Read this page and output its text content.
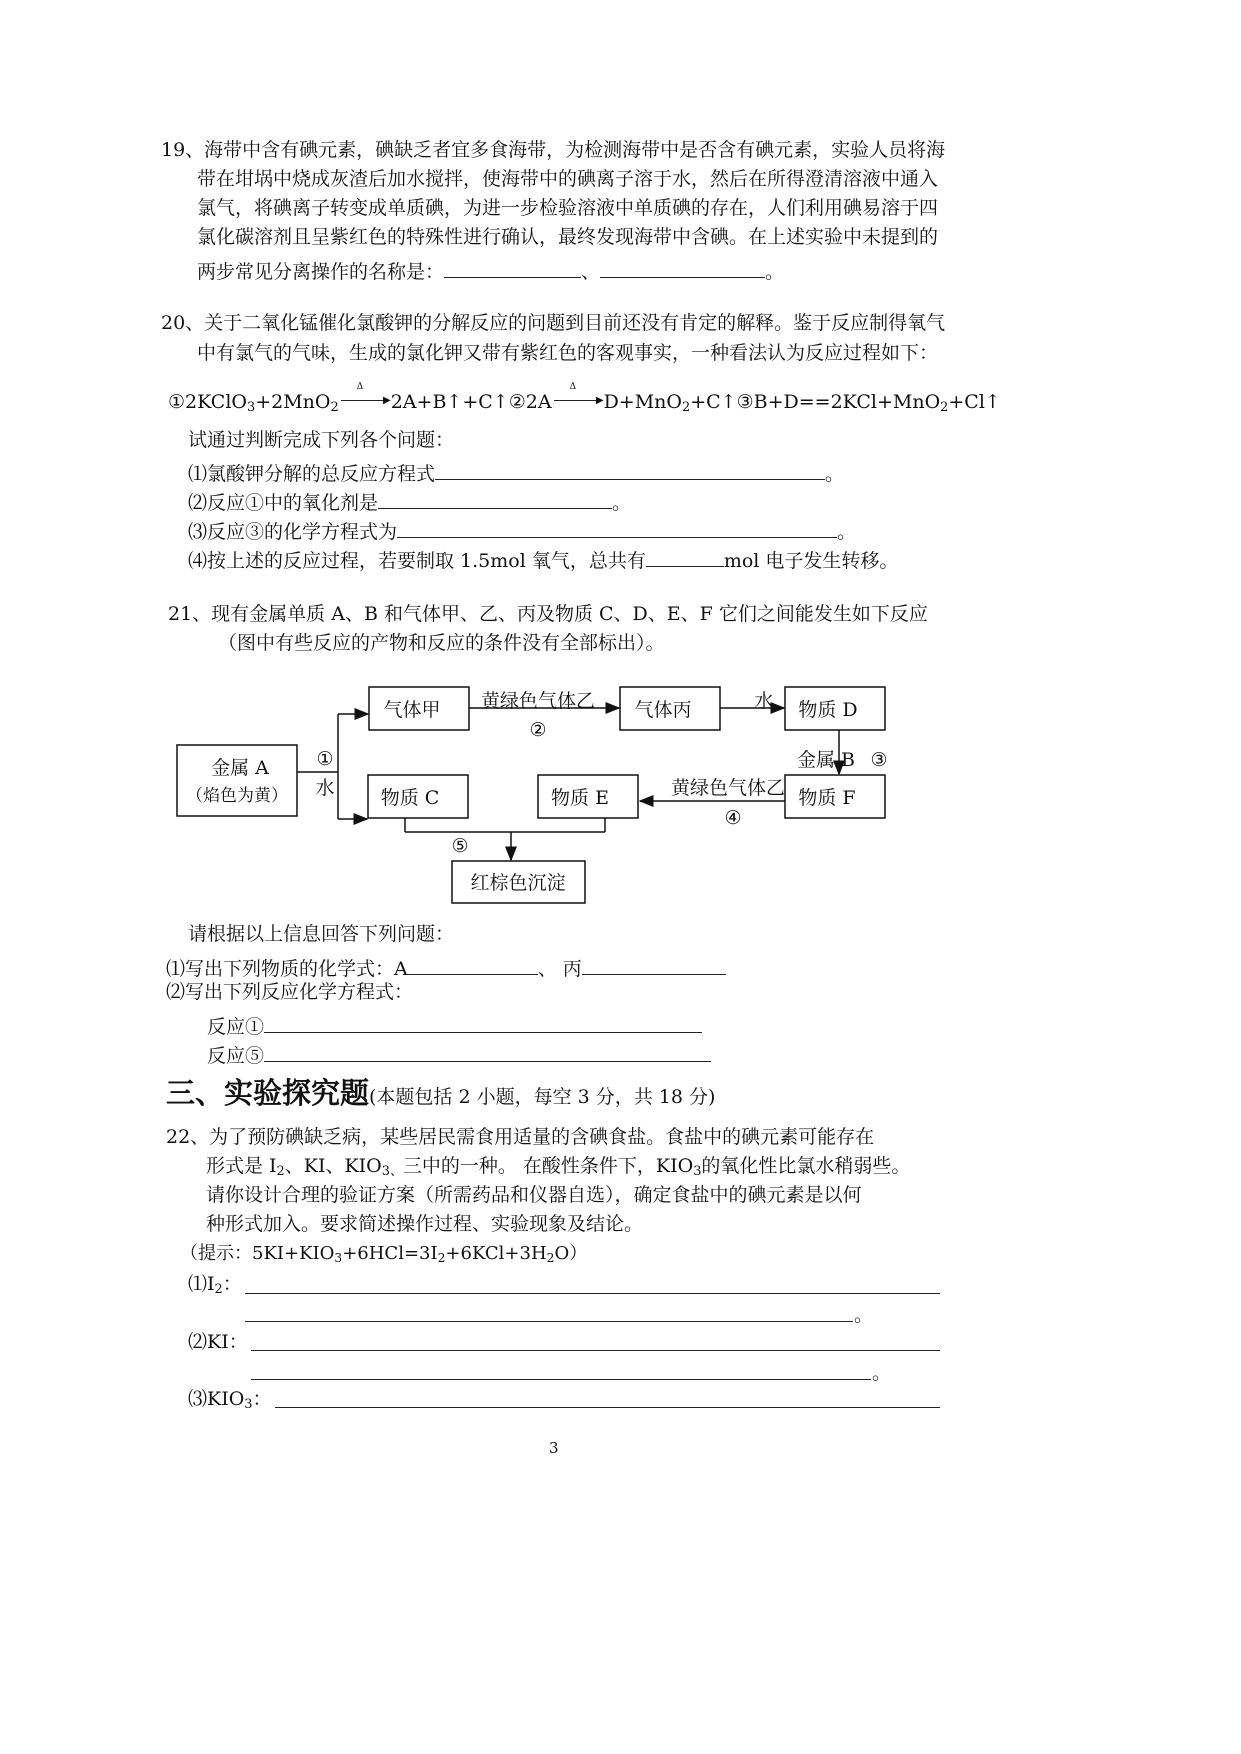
19、海带中含有碘元素，碘缺乏者宜多食海带，为检测海带中是否含有碘元素，实验人员将海
带在坩埚中烧成灰渣后加水搅拌，使海带中的碘离子溶于水，然后在所得澄清溶液中通入
氯气，将碘离子转变成单质碘，为进一步检验溶液中单质碘的存在，人们利用碘易溶于四
氯化碳溶剂且呈紫红色的特殊性进行确认，最终发现海带中含碘。在上述实验中未提到的
两步常见分离操作的名称是：	、	。
20、关于二氧化锰催化氯酸钾的分解反应的问题到目前还没有肯定的解释。鉴于反应制得氧气
中有氯气的气味，生成的氯化钾又带有紫红色的客观事实，一种看法认为反应过程如下：
①2KClO$_3$+2MnO$_2$
Δ
▶ 2A+B↑+C↑②2A
Δ
▶ D+MnO$_2$+C↑③B+D==2KCl+MnO$_2$+Cl↑
试通过判断完成下列各个问题：
⑴氯酸钾分解的总反应方程式	。
⑵反应①中的氧化剂是	。
⑶反应③的化学方程式为	。
⑷按上述的反应过程，若要制取 1.5mol 氧气，总共有	mol 电子发生转移。
21、现有金属单质 A、B 和气体甲、乙、丙及物质 C、D、E、F 它们之间能发生如下反应
（图中有些反应的产物和反应的条件没有全部标出）。
金属 A
（焰色为黄）
气体甲	气体丙	物质 D
物质 C	物质 E	物质 F
红棕色沉淀
黄绿色气体乙
②
水
①
水
金属 B ③
黄绿色气体乙
④
⑤
请根据以上信息回答下列问题：
⑴写出下列物质的化学式：A	、 丙
⑵写出下列反应化学方程式：
反应①
反应⑤
三、实验探究题(本题包括 2 小题，每空 3 分，共 18 分)
22、为了预防碘缺乏病，某些居民需食用适量的含碘食盐。食盐中的碘元素可能存在
形式是 $I_2$、KI、$KIO_{3、}$三中的一种。 在酸性条件下，$KIO_3$的氧化性比氯水稍弱些。
请你设计合理的验证方案（所需药品和仪器自选），确定食盐中的碘元素是以何
种形式加入。要求简述操作过程、实验现象及结论。
（提示：$5KI+KIO_3+6HCl=3I_2+6KCl+3H_2O$）
$⑴I_2$：
。
⑵KI：
。
$⑶KIO_3$：
3
